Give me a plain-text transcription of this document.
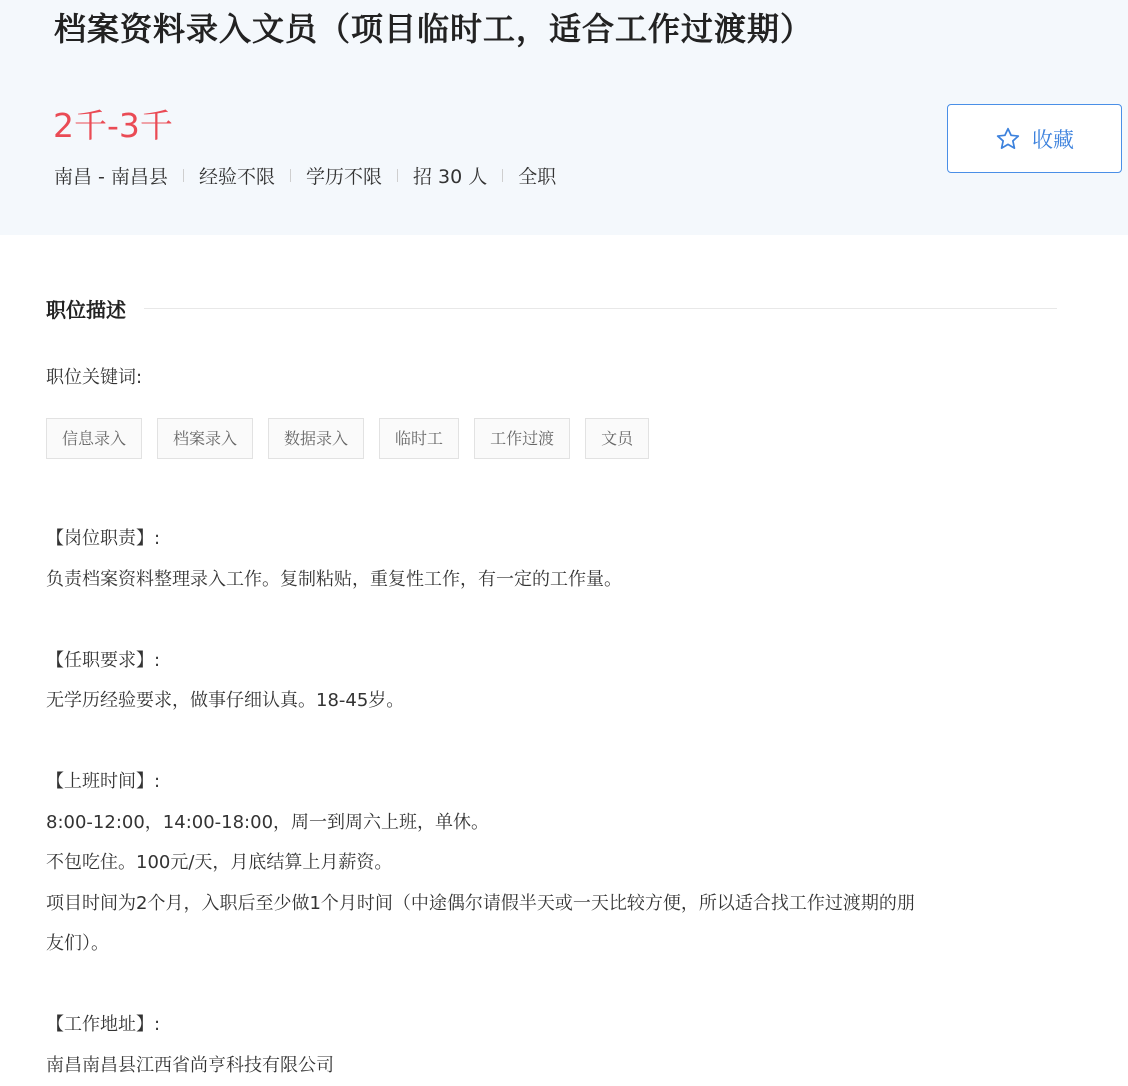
档案资料录入文员（项目临时工，适合工作过渡期）
2千-3千
南昌 - 南昌县 经验不限 学历不限 招 30 人 全职
收藏
职位描述
职位关键词:
信息录入	档案录入	数据录入	临时工	工作过渡	文员
【岗位职责】:
负责档案资料整理录入工作。复制粘贴，重复性工作，有一定的工作量。
【任职要求】:
无学历经验要求，做事仔细认真。18-45岁。
【上班时间】:
8:00-12:00，14:00-18:00，周一到周六上班，单休。
不包吃住。100元/天，月底结算上月薪资。
项目时间为2个月，入职后至少做1个月时间（中途偶尔请假半天或一天比较方便，所以适合找工作过渡期的朋
友们）。
【工作地址】:
南昌南昌县江西省尚亨科技有限公司
